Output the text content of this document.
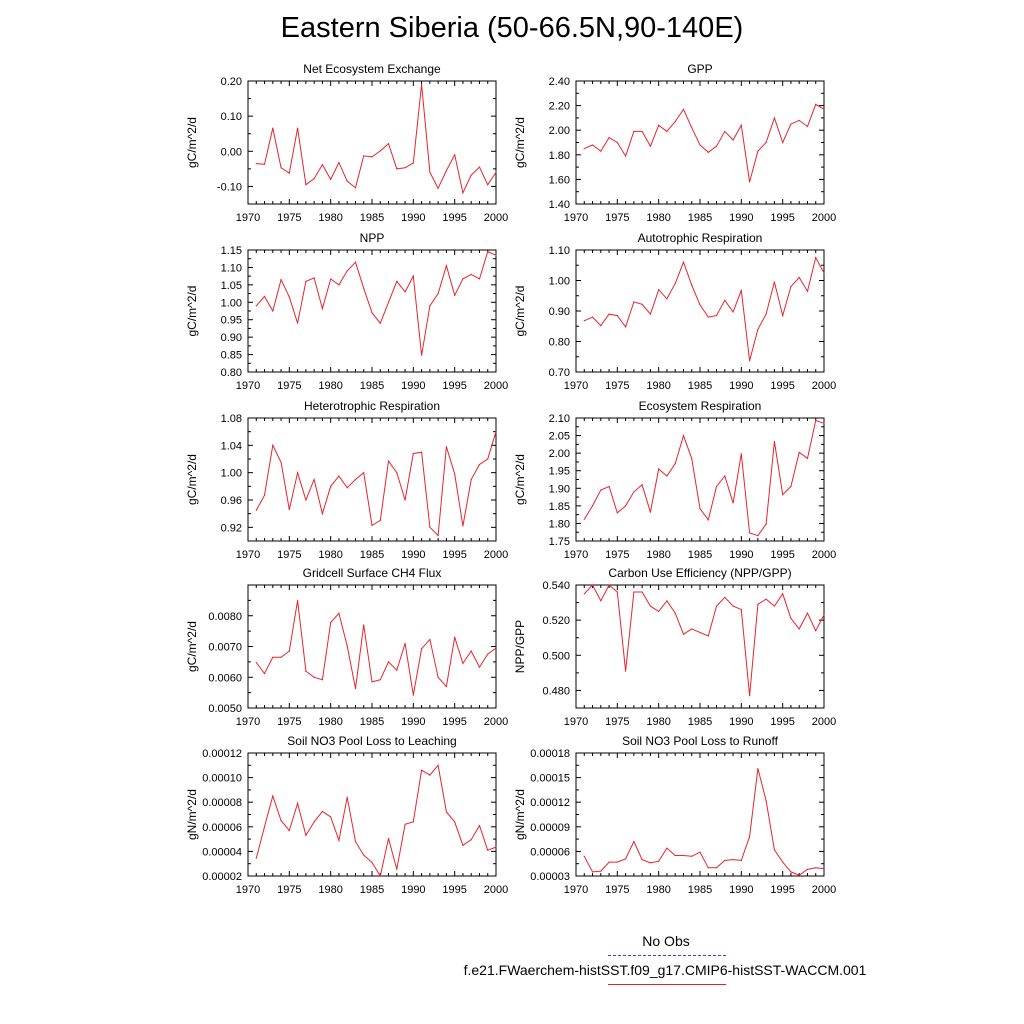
Eastern Siberia (50-66.5N,90-140E)
Net Ecosystem Exchange
gC/m^2/d
1970 1975 1980 1985 1990 1995 2000
-0.10
0.00
0.10
0.20
GPP
gC/m^2/d
1970 1975 1980 1985 1990 1995 2000
1.40
1.60
1.80
2.00
2.20
2.40
NPP
gC/m^2/d
1970 1975 1980 1985 1990 1995 2000
0.80
0.85
0.90
0.95
1.00
1.05
1.10
1.15
Autotrophic Respiration
gC/m^2/d
1970 1975 1980 1985 1990 1995 2000
0.70
0.80
0.90
1.00
1.10
Heterotrophic Respiration
gC/m^2/d
1970 1975 1980 1985 1990 1995 2000
0.92
0.96
1.00
1.04
1.08
Ecosystem Respiration
gC/m^2/d
1970 1975 1980 1985 1990 1995 2000
1.75
1.80
1.85
1.90
1.95
2.00
2.05
2.10
Gridcell Surface CH4 Flux
gC/m^2/d
1970 1975 1980 1985 1990 1995 2000
0.0050
0.0060
0.0070
0.0080
Carbon Use Efficiency (NPP/GPP)
NPP/GPP
1970 1975 1980 1985 1990 1995 2000
0.480
0.500
0.520
0.540
Soil NO3 Pool Loss to Leaching
gN/m^2/d
1970 1975 1980 1985 1990 1995 2000
0.00002
0.00004
0.00006
0.00008
0.00010
0.00012
Soil NO3 Pool Loss to Runoff
gN/m^2/d
1970 1975 1980 1985 1990 1995 2000
0.00003
0.00006
0.00009
0.00012
0.00015
0.00018
No Obs
f.e21.FWaerchem-histSST.f09_g17.CMIP6-histSST-WACCM.001
